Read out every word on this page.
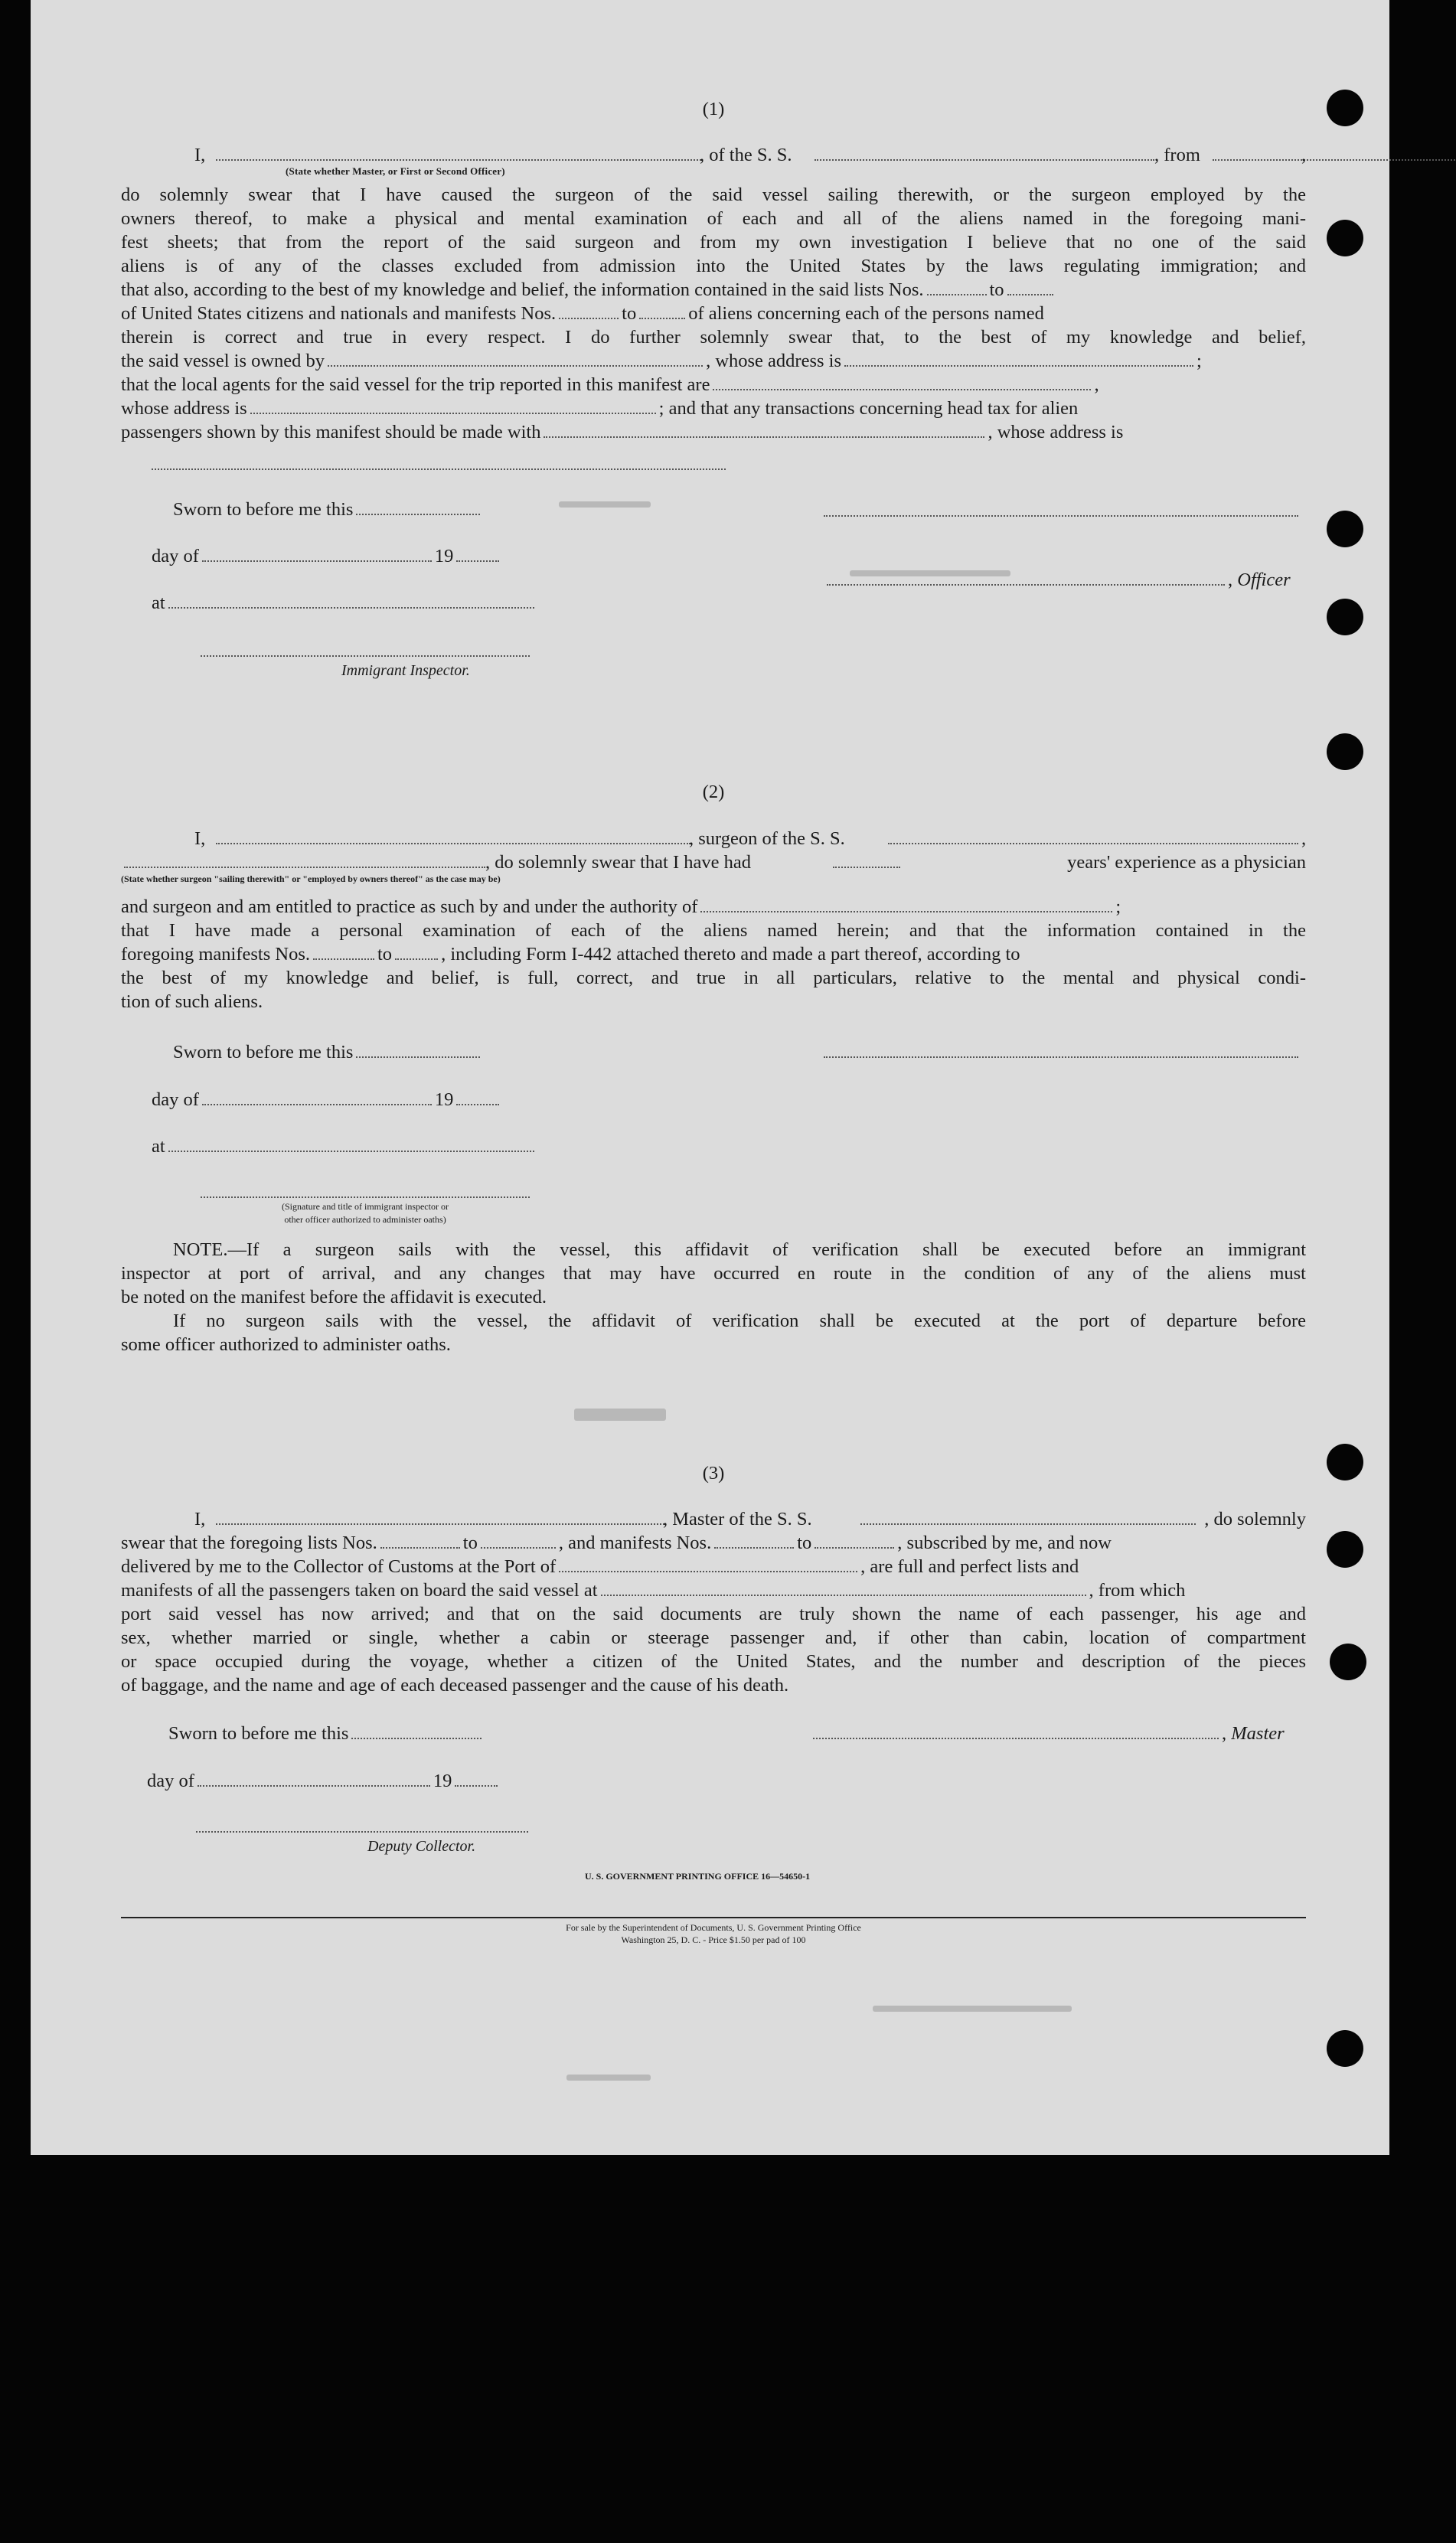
(1)
I,	, of the S. S.	, from	,
(State whether Master, or First or Second Officer)
do solemnly swear that I have caused the surgeon of the said vessel sailing therewith, or the surgeon employed by the
owners thereof, to make a physical and mental examination of each and all of the aliens named in the foregoing mani-
fest sheets; that from the report of the said surgeon and from my own investigation I believe that no one of the said
aliens is of any of the classes excluded from admission into the United States by the laws regulating immigration; and
that also, according to the best of my knowledge and belief, the information contained in the said lists Nos.	to
of United States citizens and nationals and manifests Nos.	to	of aliens concerning each of the persons named
therein is correct and true in every respect. I do further solemnly swear that, to the best of my knowledge and belief,
the said vessel is owned by	, whose address is	;
that the local agents for the said vessel for the trip reported in this manifest are	,
whose address is	; and that any transactions concerning head tax for alien
passengers shown by this manifest should be made with	, whose address is
Sworn to before me this
day of	19
, Officer
at
Immigrant Inspector.
(2)
I,	, surgeon of the S. S.	,
, do solemnly swear that I have had	years' experience as a physician
(State whether surgeon "sailing therewith" or "employed by owners thereof" as the case may be)
and surgeon and am entitled to practice as such by and under the authority of	;
that I have made a personal examination of each of the aliens named herein; and that the information contained in the
foregoing manifests Nos.	to	, including Form I-442 attached thereto and made a part thereof, according to
the best of my knowledge and belief, is full, correct, and true in all particulars, relative to the mental and physical condi-
tion of such aliens.
Sworn to before me this
day of	19
at
(Signature and title of immigrant inspector or
other officer authorized to administer oaths)
NOTE.—If a surgeon sails with the vessel, this affidavit of verification shall be executed before an immigrant
inspector at port of arrival, and any changes that may have occurred en route in the condition of any of the aliens must
be noted on the manifest before the affidavit is executed.
If no surgeon sails with the vessel, the affidavit of verification shall be executed at the port of departure before
some officer authorized to administer oaths.
(3)
I,	, Master of the S. S.	, do solemnly
swear that the foregoing lists Nos.	to	, and manifests Nos.	to	, subscribed by me, and now
delivered by me to the Collector of Customs at the Port of	, are full and perfect lists and
manifests of all the passengers taken on board the said vessel at	, from which
port said vessel has now arrived; and that on the said documents are truly shown the name of each passenger, his age and
sex, whether married or single, whether a cabin or steerage passenger and, if other than cabin, location of compartment
or space occupied during the voyage, whether a citizen of the United States, and the number and description of the pieces
of baggage, and the name and age of each deceased passenger and the cause of his death.
Sworn to before me this	, Master
day of	19
Deputy Collector.
U. S. GOVERNMENT PRINTING OFFICE 16—54650-1
For sale by the Superintendent of Documents, U. S. Government Printing Office
Washington 25, D. C. - Price $1.50 per pad of 100
